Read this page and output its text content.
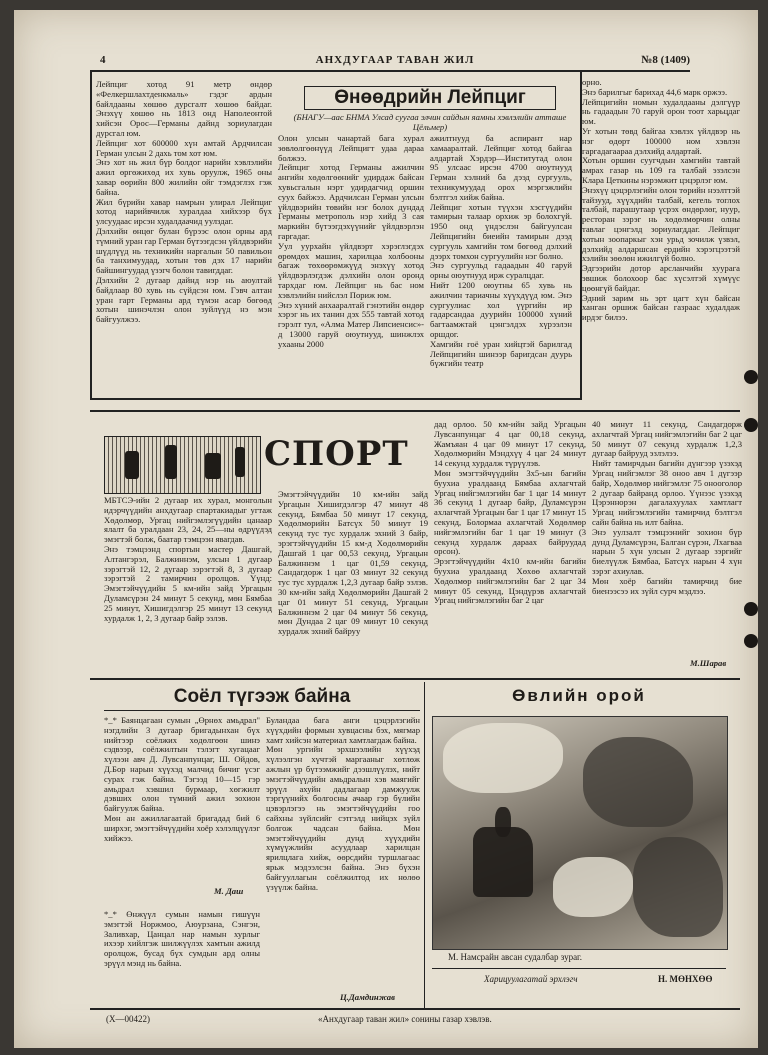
4	АНХДУГААР ТАВАН ЖИЛ	№8 (1409)
Өнөөдрийн Лейпциг
(БНАГУ—аас БНМА Улсад суугаа элчин сайдын яамны хэвлэлийн атташе Цёльмер)
Лейпциг хотод 91 метр өндөр «Фелкершлахтденкмаль» гэдэг ардын байлдааны хөшөө дурсгалт хөшөө байдаг. Энэхүү хөшөө нь 1813 онд Наполеонтой хийсэн Орос—Германы дайнд зориулагдан дурсгал юм.
Лейпциг хот 600000 хүн амтай Ардчилсан Герман улсын 2 дахь том хот юм.
Энэ хот нь жил бүр болдог нарийн хэвлэлийн ажил өргөжихөд их хувь оруулж, 1965 оны хавар өөрийн 800 жилийн ойг тэмдэглэх гэж байна.
Жил бүрийн хавар намрын улирал Лейпциг хотод нарийвчилж хуралдаа хийхээр бүх улсуудаас ирсэн худалдаачид уулздаг.
Дэлхийн өнцөг булан бүрээс олон орны ард түмний уран гар Герман бүтээгдсэн үйлдвэрийн шүдлүүд нь техникийн наргалын 50 павильон ба танхимуудад, хотын төв дэх 17 нарийн байшингуудад үзэгч болон тавигддаг.
Дэлхийн 2 дугаар дайнд нэр нь аюултай байдлаар 80 хувь нь сүйдсэн юм. Гэвч алтан уран гарт Германы ард түмэн асар бөгөөд хотын шинэчлэн олон зуйлүүд нэ мэн байгуулжээ.
Олон улсын чанартай бага хурал зөвлөлгөөнүүд Лейпцигт удаа дараа болжээ.
Лейпциг хотод Германы ажилчин ангийн хөдөлгөөнийг удирдаж байсан хувьсгалын нэрт удирдагчид оршин суух байжээ. Ардчилсан Герман улсын үйлдвэрийн төвийн нэг болох дундад Германы метрополь нэр хийд 3 сая маркийн бүтээгдэхүүнийг үйлдвэрлэн гаргадаг.
Уул уурхайн үйлдвэрт хэрэглэгдэх өрөмдөх машин, харилцаа холбооны багаж төхөөрөмжүүд энэхүү хотод үйлдвэрлэгдэж дэлхийн олон оронд тархдаг юм. Лейпциг нь бас ном хэвлэлийн нийслэл Пориж юм.
Энэ хүний анхааралтай гэнэтийн өндөр хэрэг нь их танин дэх 555 тавтай хотод гэрэлт тул, «Алма Матер Липсиенсис»-д 13000 гаруй оюутнууд, шинжлэх ухааны 2000
ажилтнууд ба аспирант нар хамааралтай. Лейпциг хотод байгаа алдартай Хэрдэр—Институтад олон 95 улсаас ирсэн 4700 оюутнууд Герман хэлний ба дээд сургууль, техникумуудад орох мэргэжлийн бэлтгэл хийж байна.
Лейпциг хотын түүхэн хэсгүүдийн тамирын талаар орхиж эр болохгүй. 1950 онд үндэслэн байгуулсан Лейпцигийн биеийн тамирын дээд сургууль хамгийн том бөгөөд дэлхий дээрх томхон сургуулийн нэг болно.
Энэ сургуульд гадаадын 40 гаруй орны оюутнууд ирж суралцдаг.
Нийт 1200 оюутны 65 хувь нь ажилчин тариачны хүүхдүүд юм. Энэ сургуулиас хол үүргийн ир гадарсандаа дуурийн 100000 хүний багтаамжтай цэнгэлдэх хүрээлэн оршдог.
Хамгийн гоё уран хийцтэй барилгад Лейпцигийн шинээр баригдсан дуурь бүжгийн театр
орно.
Энэ барилгыг барихад 44,6 марк оржээ.
Лейпцигийн номын худалдааны дэлгүүр нь гадаадын 70 гаруй орон тоот харьцдаг юм.
Уг хотын төвд байгаа хэвлэх үйлдвэр нь нэг өдөрт 100000 ном хэвлэн гаргадагаараа дэлхийд алдартай.
Хотын оршин суугчдын хамгийн тавтай амрах газар нь 109 га талбай эзэлсэн Клара Цеткины нэрэмжит цэцэрлэг юм.
Энэхүү цэцэрлэгийн олон төрийн нээлттэй тайзууд, хүүхдийн талбай, кегель тоглох талбай, парашутаар үсрэх өндөрлөг, нуур, ресторан зэрэг нь хөдөлмөрчин олны тавлаг цэнгэлд зориулагддаг. Лейпциг хотын зоопаркыг хэн урьд зочилж үзвэл, дэлхийд алдаршсан ердийн хэрэгцээтэй хэлийн зөөлөн ижилгүй болно.
Эдгээрийн дотор арсланчийн хуурага эвшиж болохоор бас хүсэлтэй хүмүүс цөөнгүй байдаг.
Эдний зарим нь эрт цагт хүн байсан ханган оршиж байсан газраас худалдаж ирдэг билээ.
СПОРТ
МБТСЭ-ийн 2 дугаар их хурал, монголын идэрчүүдийн анхдугаар спартакиадыг угтаж Хөдөлмөр, Ургац нийгэмлэгүүдийн цанаар ялалт ба уралдаан 23, 24, 25—ны өдрүүдэд эмэгтэй болж, баатар тэмцээн явагдав.
Энэ тэмцээнд спортын мастер Дашгай, Алтангэрэл, Балжиннэм, улсын 1 дугаар зэрэгтэй 12, 2 дугаар зэрэгтэй 8, 3 дугаар зэрэгтэй 2 тамирчин оролцов. Үүнд: Эмэгтэйчүүдийн 5 км-ийн зайд Ургацын Дуламсүрэн 24 минут 5 секунд, мөн Бямбаа 25 минут, Хишигдэлгэр 25 минут 13 секунд хурдалж 1, 2, 3 дугаар байр эзлэв.
Эмэгтэйчүүдийн 10 км-ийн зайд Ургацын Хишигдэлгэр 47 минут 48 секунд, Бямбаа 50 минут 17 секунд, Хөдөлмөрийн Батсүх 50 минут 19 секунд тус тус хурдалж эхний 3 байр, эрэгтэйчүүдийн 15 км-д Хөдөлмөрийн Дашгай 1 цаг 00,53 секунд, Ургацын Балжиннэм 1 цаг 01,59 секунд, Сандагдорж 1 цаг 03 минут 32 секунд тус тус хурдалж 1,2,3 дугаар байр эзлэв. 30 км-ийн зайд Хөдөлмөрийн Дашгай 2 цаг 01 минут 51 секунд, Ургацын Балжиннэм 2 цаг 04 минут 56 секунд, мөн Дундаа 2 цаг 09 минут 10 секунд хурдалж эхний байруу
дад орлоо. 50 км-ийн зайд Ургацын Лувсанпунцаг 4 цаг 00,18 секунд, Жамъяан 4 цаг 09 минут 17 секунд, Хөдөлмөрийн Мэндхүү 4 цаг 24 минут 14 секунд хурдалж түрүүлэв.
Мөн эмэгтэйчүүдийн 3х5-ын багийн буухиа уралдаанд Бямбаа ахлагчтай Ургац нийгэмлэгийн баг 1 цаг 14 минут 36 секунд 1 дугаар байр, Дуламсүрэн ахлагчтай Ургацын баг 1 цаг 17 минут 15 секунд, Болормаа ахлагчтай Хөдөлмөр нийгэмлэгийн баг 1 цаг 19 минут (3 секунд хурдалж дараах байруудад орсон).
Эрэгтэйчүүдийн 4х10 км-ийн багийн буухиа уралдаанд Хөхөө ахлагчтай Хөдөлмөр нийгэмлэгийн баг 2 цаг 34 минут 05 секунд, Цэндүрэв ахлагчтай Ургац нийгэмлэгийн баг 2 цаг
40 минут 11 секунд, Сандагдорж ахлагчтай Ургац нийгэмлэгийн баг 2 цаг 50 минут 07 секунд хурдалж 1,2,3 дугаар байрууд эзлэлээ.
Нийт тамирчдын багийн дүнгээр үзэхэд Ургац нийгэмлэг 38 оноо авч 1 дүгээр байр, Хөдөлмөр нийгэмлэг 75 онооголор 2 дугаар байранд орлоо. Үүнээс үзэхэд Цэрэннорэн дагалахуулах хамтлагт Ургац нийгэмлэгийн тамирчид бэлтгэл сайн байна нь илт байна.
Энэ уулзалт тэмцээнийг зохион бүр дунд Дуламсүрэн, Балган сүрэн, Лхагваа нарын 5 хүн улсын 2 дугаар зэргийг биелүүлж Бямбаа, Батсүх нарын 4 хүн зэрэг ахиулав.
Мөн хоёр багийн тамирчид бие биенээсээ их зүйл сурч мэдлээ.
М.Шарав
Соёл түгээж байна
*_* Баянцагаан сумын „Өрнөх амьдрал" нэгдлийн 3 дугаар бригадынхан бүх нийтээр соёлжих хөдөлгөөн шинэ сэдвээр, соёлжилтын тэлэгт хугацааг хүлээн авч Д. Лувсанпунцаг, Ш. Ойдов, Д.Бор нарын хүүхэд малчид бичиг үсэг сурах гэж байна. Тэгээд 10—15 гэр амьдрал хэвшил бурмаар, хөгжилт дэвших олон түмний ажил зохион байгуулж байна.
Мөн ан ажиллагаатай бригадад бий 6 ширхэг, эмэгтэйчүүдийн хоёр хэлэлцүүлэг хийжээ.
М. Даш
*_* Өнжүүл сумын намын гишүүн эмэгтэй Норжмоо, Аюурзана, Сэнгэн, Заливхар, Цанцал нар намын хурлыг ихээр хийлгэж шилжүүлэх хамтын ажилд оролцож, бусад бүх сумдын ард олны эрүүл мэнд нь байна.
Буландаа бага анги цэцэрлэгийн хүүхдийн формын хувцасны бэх, мягмар хамт хийсэн материал хамтлагдаж байна.
Мөн ургийн эрхшээлийн хүүхэд хүлээлгэн хүчтэй маргааныг хөтлөж ажлын үр бүтээмжийг дээшлүүлэх, нийт эмэгтэйчүүдийн амьдралын хэв маягийг эрүүл ахуйн дадлагаар дамжуулж тэргүүнийх болгосны ачаар гэр бүлийн цэвэрлэгээ нь эмэгтэйчүүдийн гоо сайхны зүйлсийг сэтгэлд нийцэх зүйл болгож чадсан байна. Мөн эмэгтэйчүүдийн дунд хүүхдийн хүмүүжлийн асуудлаар харилцан ярилцлага хийж, өөрсдийн туршлагаас ярьж мэдээлсэн байна. Энэ бүхэн байгууллагын соёлжилтод их нөлөө үзүүлж байна.
Ц.Дамдинжав
Өвлийн орой
М. Намсрайн авсан судалбар зураг.
Харицуулагатай эрхлэгч	Н. МӨНХӨӨ
(Х—00422)	«Анхдугаар таван жил» сонины газар хэвлэв.
